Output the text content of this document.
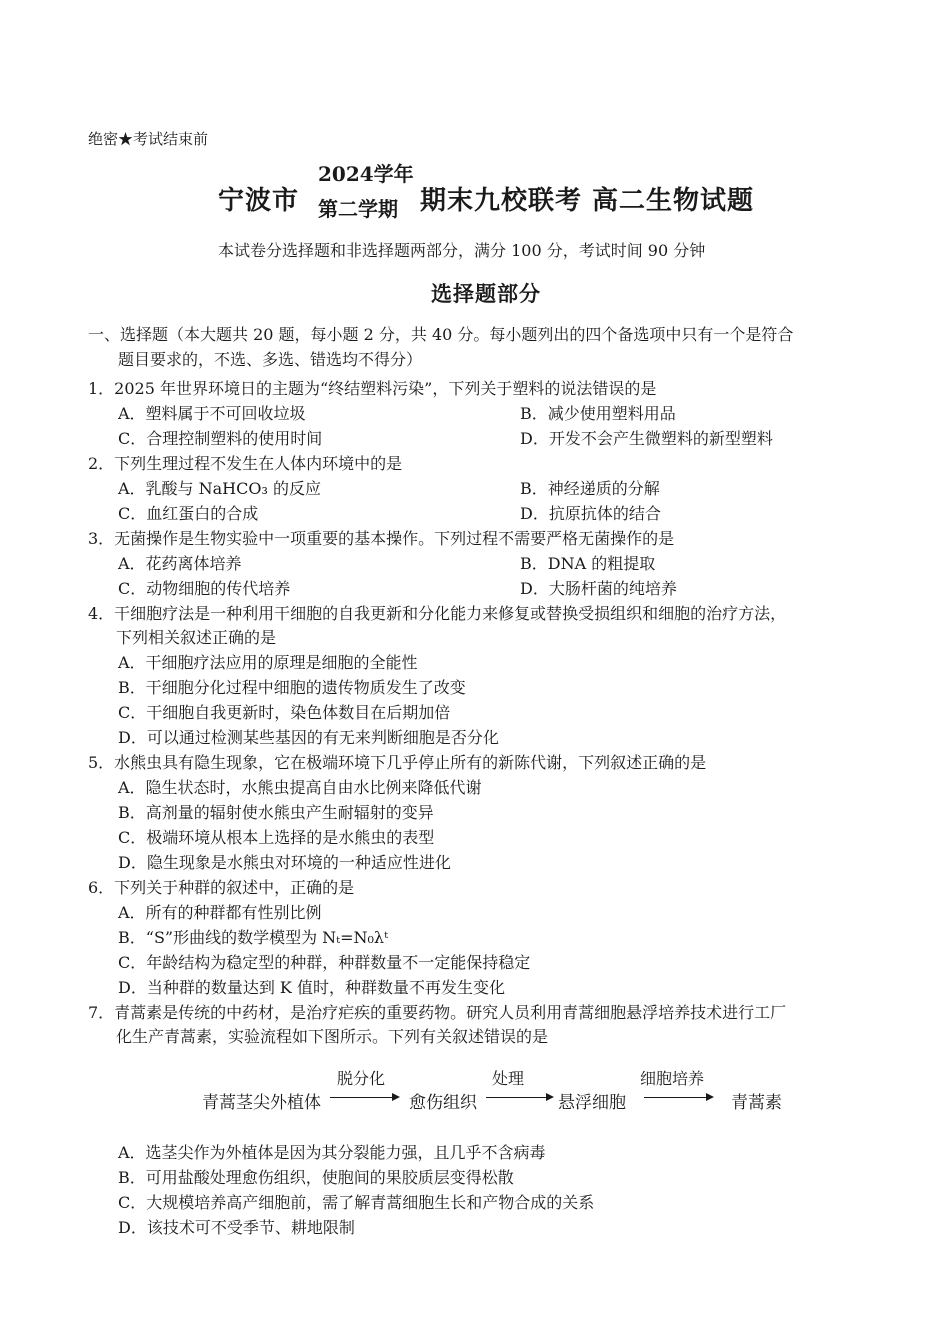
绝密★考试结束前
宁波市
2024学年
第二学期 期末九校联考 高二生物试题
本试卷分选择题和非选择题两部分，满分 100 分，考试时间 90 分钟
选择题部分
一、选择题（本大题共 20 题，每小题 2 分，共 40 分。每小题列出的四个备选项中只有一个是符合
题目要求的，不选、多选、错选均不得分）
1．2025 年世界环境日的主题为“终结塑料污染”，下列关于塑料的说法错误的是
A．塑料属于不可回收垃圾	B．减少使用塑料用品
C．合理控制塑料的使用时间	D．开发不会产生微塑料的新型塑料
2．下列生理过程不发生在人体内环境中的是
A．乳酸与 NaHCO₃ 的反应	B．神经递质的分解
C．血红蛋白的合成	D．抗原抗体的结合
3．无菌操作是生物实验中一项重要的基本操作。下列过程不需要严格无菌操作的是
A．花药离体培养	B．DNA 的粗提取
C．动物细胞的传代培养	D．大肠杆菌的纯培养
4．干细胞疗法是一种利用干细胞的自我更新和分化能力来修复或替换受损组织和细胞的治疗方法，
下列相关叙述正确的是
A．干细胞疗法应用的原理是细胞的全能性
B．干细胞分化过程中细胞的遗传物质发生了改变
C．干细胞自我更新时，染色体数目在后期加倍
D．可以通过检测某些基因的有无来判断细胞是否分化
5．水熊虫具有隐生现象，它在极端环境下几乎停止所有的新陈代谢，下列叙述正确的是
A．隐生状态时，水熊虫提高自由水比例来降低代谢
B．高剂量的辐射使水熊虫产生耐辐射的变异
C．极端环境从根本上选择的是水熊虫的表型
D．隐生现象是水熊虫对环境的一种适应性进化
6．下列关于种群的叙述中，正确的是
A．所有的种群都有性别比例
B．“S”形曲线的数学模型为 Nₜ=N₀λᵗ
C．年龄结构为稳定型的种群，种群数量不一定能保持稳定
D．当种群的数量达到 K 值时，种群数量不再发生变化
7．青蒿素是传统的中药材，是治疗疟疾的重要药物。研究人员利用青蒿细胞悬浮培养技术进行工厂
化生产青蒿素，实验流程如下图所示。下列有关叙述错误的是
青蒿茎尖外植体
脱分化
愈伤组织
处理
悬浮细胞
细胞培养
青蒿素
A．选茎尖作为外植体是因为其分裂能力强，且几乎不含病毒
B．可用盐酸处理愈伤组织，使胞间的果胶质层变得松散
C．大规模培养高产细胞前，需了解青蒿细胞生长和产物合成的关系
D．该技术可不受季节、耕地限制
